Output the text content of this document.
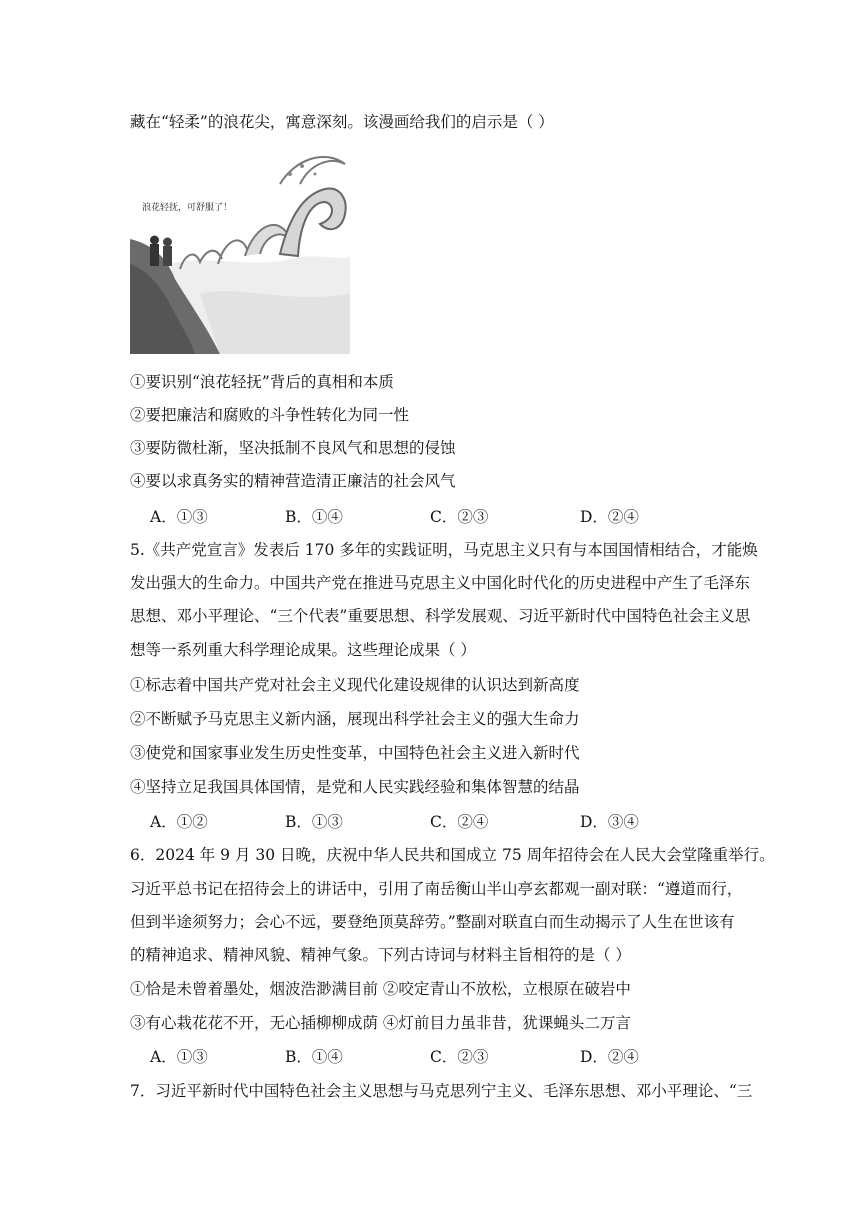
藏在“轻柔”的浪花尖，寓意深刻。该漫画给我们的启示是（ ）
浪花轻抚，可舒服了！
①要识别“浪花轻抚”背后的真相和本质
②要把廉洁和腐败的斗争性转化为同一性
③要防微杜渐，坚决抵制不良风气和思想的侵蚀
④要以求真务实的精神营造清正廉洁的社会风气
A．①③	B．①④	C．②③	D．②④
5.《共产党宣言》发表后 170 多年的实践证明，马克思主义只有与本国国情相结合，才能焕
发出强大的生命力。中国共产党在推进马克思主义中国化时代化的历史进程中产生了毛泽东
思想、邓小平理论、“三个代表”重要思想、科学发展观、习近平新时代中国特色社会主义思
想等一系列重大科学理论成果。这些理论成果（ ）
①标志着中国共产党对社会主义现代化建设规律的认识达到新高度
②不断赋予马克思主义新内涵，展现出科学社会主义的强大生命力
③使党和国家事业发生历史性变革，中国特色社会主义进入新时代
④坚持立足我国具体国情，是党和人民实践经验和集体智慧的结晶
A．①②	B．①③	C．②④	D．③④
6．2024 年 9 月 30 日晚，庆祝中华人民共和国成立 75 周年招待会在人民大会堂隆重举行。
习近平总书记在招待会上的讲话中，引用了南岳衡山半山亭玄都观一副对联：“遵道而行，
但到半途须努力；会心不远，要登绝顶莫辞劳。”整副对联直白而生动揭示了人生在世该有
的精神追求、精神风貌、精神气象。下列古诗词与材料主旨相符的是（ ）
①恰是未曾着墨处，烟波浩渺满目前 ②咬定青山不放松，立根原在破岩中
③有心栽花花不开，无心插柳柳成荫 ④灯前目力虽非昔，犹课蝇头二万言
A．①③	B．①④	C．②③	D．②④
7．习近平新时代中国特色社会主义思想与马克思列宁主义、毛泽东思想、邓小平理论、“三
